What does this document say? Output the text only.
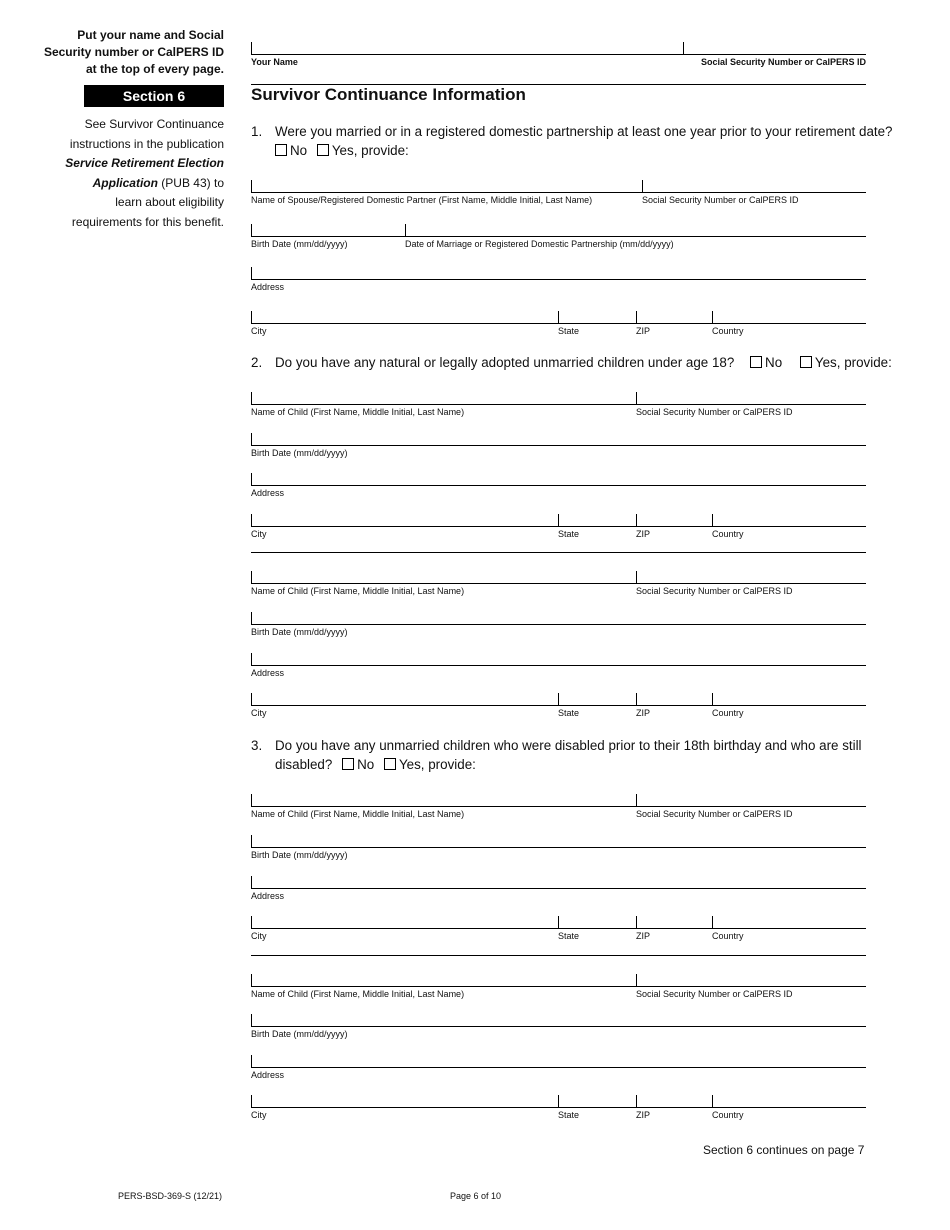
Put your name and Social
Security number or CalPERS ID
at the top of every page.
Section 6
See Survivor Continuance
instructions in the publication
Service Retirement Election
Application (PUB 43) to
learn about eligibility
requirements for this benefit.
Your Name	Social Security Number or CalPERS ID
Survivor Continuance Information
1. Were you married or in a registered domestic partnership at least one year prior to your retirement date?
No Yes, provide:
Name of Spouse/Registered Domestic Partner (First Name, Middle Initial, Last Name)	Social Security Number or CalPERS ID
Birth Date (mm/dd/yyyy)	Date of Marriage or Registered Domestic Partnership (mm/dd/yyyy)
Address
City	State	ZIP	Country
2. Do you have any natural or legally adopted unmarried children under age 18? No Yes, provide:
Name of Child (First Name, Middle Initial, Last Name)	Social Security Number or CalPERS ID
Birth Date (mm/dd/yyyy)
Address
City	State	ZIP	Country
Name of Child (First Name, Middle Initial, Last Name)	Social Security Number or CalPERS ID
Birth Date (mm/dd/yyyy)
Address
City	State	ZIP	Country
3. Do you have any unmarried children who were disabled prior to their 18th birthday and who are still
disabled? No Yes, provide:
Name of Child (First Name, Middle Initial, Last Name)	Social Security Number or CalPERS ID
Birth Date (mm/dd/yyyy)
Address
City	State	ZIP	Country
Name of Child (First Name, Middle Initial, Last Name)	Social Security Number or CalPERS ID
Birth Date (mm/dd/yyyy)
Address
City	State	ZIP	Country
Section 6 continues on page 7
PERS-BSD-369-S (12/21)	Page 6 of 10
